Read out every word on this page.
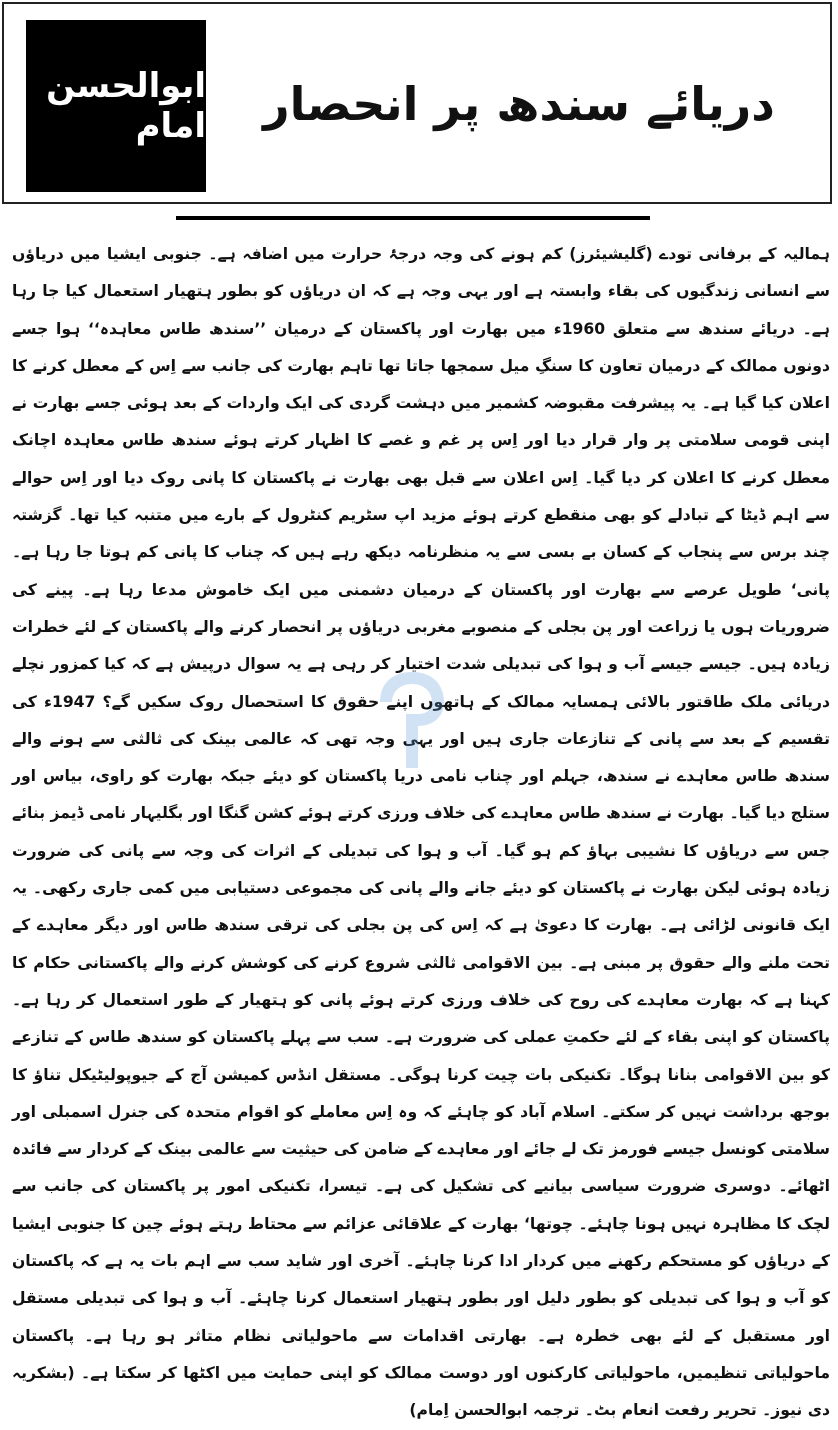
ابوالحسن امام	دریائے سندھ پر انحصار
ہمالیہ کے برفانی تودے (گلیشیئرز) کم ہونے کی وجہ درجۂ حرارت میں اضافہ ہے۔ جنوبی ایشیا میں دریاؤں سے انسانی زندگیوں کی بقاء وابستہ ہے اور یہی وجہ ہے کہ ان دریاؤں کو بطور ہتھیار استعمال کیا جا رہا ہے۔ دریائے سندھ سے متعلق 1960ء میں بھارت اور پاکستان کے درمیان ’’سندھ طاس معاہدہ‘‘ ہوا جسے دونوں ممالک کے درمیان تعاون کا سنگِ میل سمجھا جاتا تھا تاہم بھارت کی جانب سے اِس کے معطل کرنے کا اعلان کیا گیا ہے۔ یہ پیشرفت مقبوضہ کشمیر میں دہشت گردی کی ایک واردات کے بعد ہوئی جسے بھارت نے اپنی قومی سلامتی پر وار قرار دیا اور اِس پر غم و غصے کا اظہار کرتے ہوئے سندھ طاس معاہدہ اچانک معطل کرنے کا اعلان کر دیا گیا۔ اِس اعلان سے قبل بھی بھارت نے پاکستان کا پانی روک دیا اور اِس حوالے سے اہم ڈیٹا کے تبادلے کو بھی منقطع کرتے ہوئے مزید اپ سٹریم کنٹرول کے بارے میں متنبہ کیا تھا۔ گزشتہ چند برس سے پنجاب کے کسان بے بسی سے یہ منظرنامہ دیکھ رہے ہیں کہ چناب کا پانی کم ہوتا جا رہا ہے۔ پانی‘ طویل عرصے سے بھارت اور پاکستان کے درمیان دشمنی میں ایک خاموش مدعا رہا ہے۔ پینے کی ضروریات ہوں یا زراعت اور پن بجلی کے منصوبے مغربی دریاؤں پر انحصار کرنے والے پاکستان کے لئے خطرات زیادہ ہیں۔ جیسے جیسے آب و ہوا کی تبدیلی شدت اختیار کر رہی ہے یہ سوال درپیش ہے کہ کیا کمزور نچلے دریائی ملک طاقتور بالائی ہمسایہ ممالک کے ہاتھوں اپنے حقوق کا استحصال روک سکیں گے؟ 1947ء کی تقسیم کے بعد سے پانی کے تنازعات جاری ہیں اور یہی وجہ تھی کہ عالمی بینک کی ثالثی سے ہونے والے سندھ طاس معاہدے نے سندھ، جہلم اور چناب نامی دریا پاکستان کو دیئے جبکہ بھارت کو راوی، بیاس اور ستلج دیا گیا۔ بھارت نے سندھ طاس معاہدے کی خلاف ورزی کرتے ہوئے کشن گنگا اور بگلیہار نامی ڈیمز بنائے جس سے دریاؤں کا نشیبی بہاؤ کم ہو گیا۔ آب و ہوا کی تبدیلی کے اثرات کی وجہ سے پانی کی ضرورت زیادہ ہوئی لیکن بھارت نے پاکستان کو دیئے جانے والے پانی کی مجموعی دستیابی میں کمی جاری رکھی۔ یہ ایک قانونی لڑائی ہے۔ بھارت کا دعویٰ ہے کہ اِس کی پن بجلی کی ترقی سندھ طاس اور دیگر معاہدے کے تحت ملنے والے حقوق پر مبنی ہے۔ بین الاقوامی ثالثی شروع کرنے کی کوشش کرنے والے پاکستانی حکام کا کہنا ہے کہ بھارت معاہدے کی روح کی خلاف ورزی کرتے ہوئے پانی کو ہتھیار کے طور استعمال کر رہا ہے۔ پاکستان کو اپنی بقاء کے لئے حکمتِ عملی کی ضرورت ہے۔ سب سے پہلے پاکستان کو سندھ طاس کے تنازعے کو بین الاقوامی بنانا ہوگا۔ تکنیکی بات چیت کرنا ہوگی۔ مستقل انڈس کمیشن آج کے جیوپولیٹیکل تناؤ کا بوجھ برداشت نہیں کر سکتے۔ اسلام آباد کو چاہئے کہ وہ اِس معاملے کو اقوام متحدہ کی جنرل اسمبلی اور سلامتی کونسل جیسے فورمز تک لے جائے اور معاہدے کے ضامن کی حیثیت سے عالمی بینک کے کردار سے فائدہ اٹھائے۔ دوسری ضرورت سیاسی بیانیے کی تشکیل کی ہے۔ تیسرا، تکنیکی امور پر پاکستان کی جانب سے لچک کا مظاہرہ نہیں ہونا چاہئے۔ چوتھا‘ بھارت کے علاقائی عزائم سے محتاط رہتے ہوئے چین کا جنوبی ایشیا کے دریاؤں کو مستحکم رکھنے میں کردار ادا کرنا چاہئے۔ آخری اور شاید سب سے اہم بات یہ ہے کہ پاکستان کو آب و ہوا کی تبدیلی کو بطور دلیل اور بطور ہتھیار استعمال کرنا چاہئے۔ آب و ہوا کی تبدیلی مستقل اور مستقبل کے لئے بھی خطرہ ہے۔ بھارتی اقدامات سے ماحولیاتی نظام متاثر ہو رہا ہے۔ پاکستان ماحولیاتی تنظیمیں، ماحولیاتی کارکنوں اور دوست ممالک کو اپنی حمایت میں اکٹھا کر سکتا ہے۔ (بشکریہ دی نیوز۔ تحریر رفعت انعام بٹ۔ ترجمہ ابوالحسن اِمام)
